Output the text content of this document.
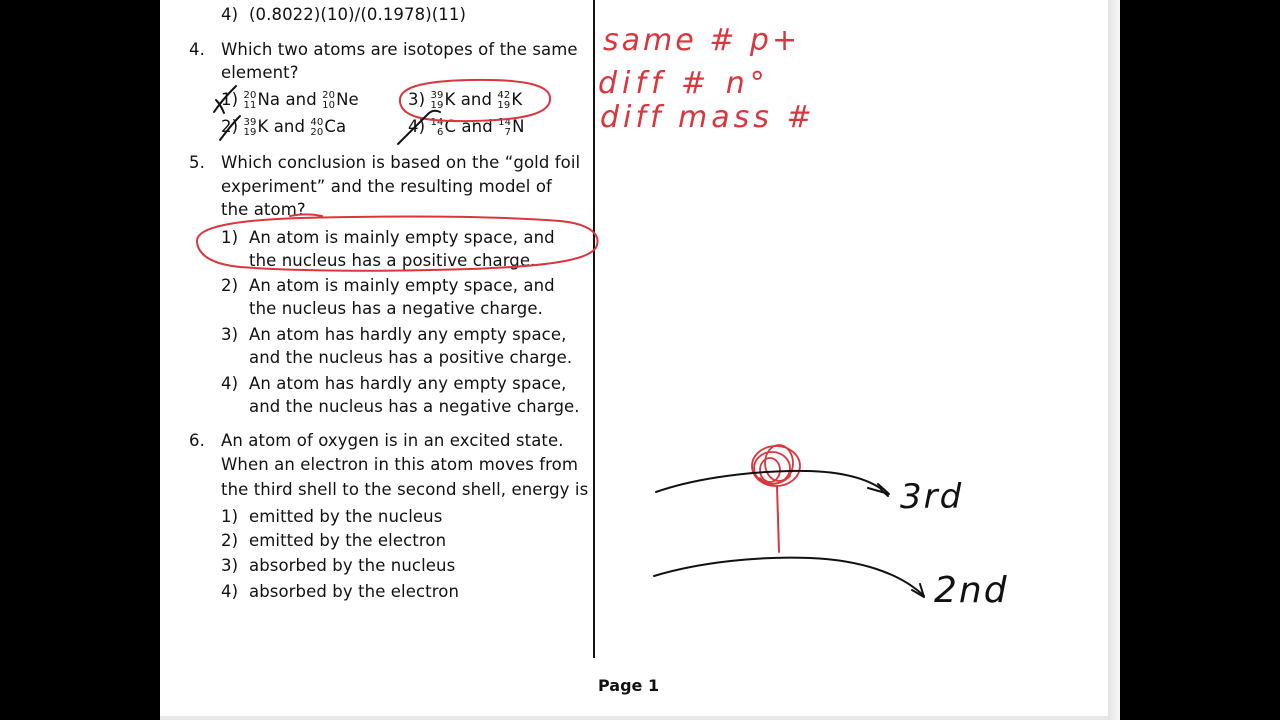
4) (0.8022)(10)/(0.1978)(11)
4. Which two atoms are isotopes of the same
element?
1) 20
11 Na and 20
10 Ne
2) 39
19 K and 40
20 Ca
3) 39
19 K and 42
19 K
4) 14
6 C and 14
7 N
5. Which conclusion is based on the “gold foil
experiment” and the resulting model of
the atom?
1) An atom is mainly empty space, and
the nucleus has a positive charge.
2) An atom is mainly empty space, and
the nucleus has a negative charge.
3) An atom has hardly any empty space,
and the nucleus has a positive charge.
4) An atom has hardly any empty space,
and the nucleus has a negative charge.
6. An atom of oxygen is in an excited state.
When an electron in this atom moves from
the third shell to the second shell, energy is
1) emitted by the nucleus
2) emitted by the electron
3) absorbed by the nucleus
4) absorbed by the electron
Page 1
same # p+
diff # n°
diff mass #
3rd
2nd
